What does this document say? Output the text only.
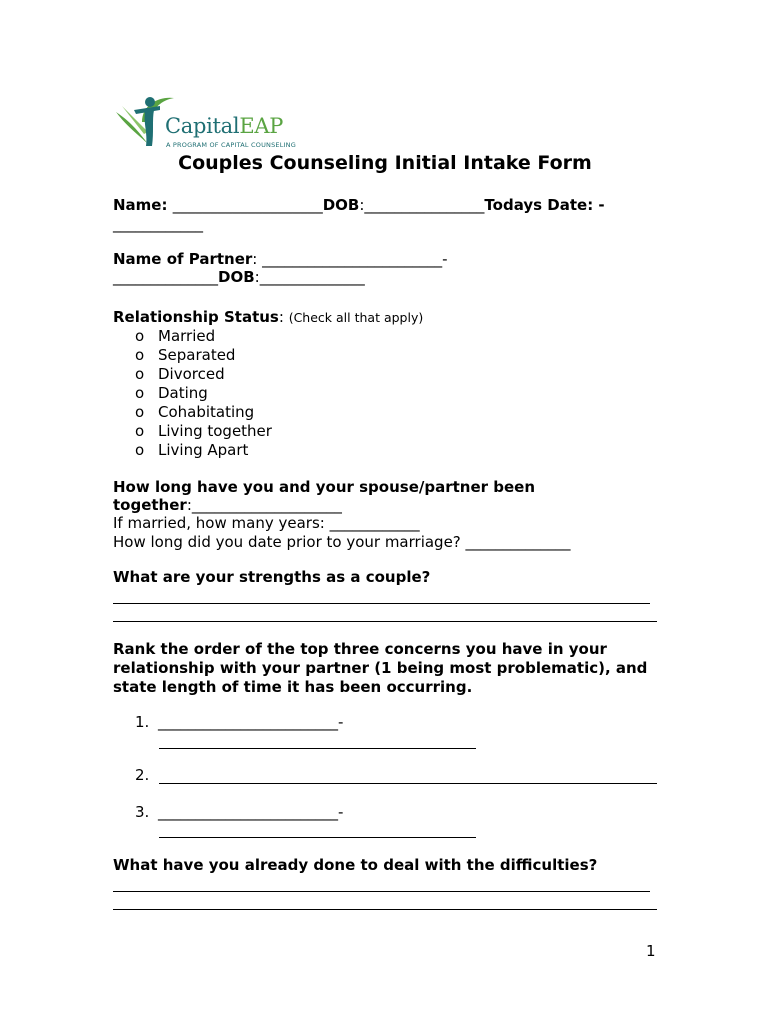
CapitalEAP
A PROGRAM OF CAPITAL COUNSELING
Couples Counseling Initial Intake Form
Name: ____________________DOB:________________Todays Date: -
____________
Name of Partner: ________________________-
______________DOB:______________
Relationship Status: (Check all that apply)
o Married
o Separated
o Divorced
o Dating
o Cohabitating
o Living together
o Living Apart
How long have you and your spouse/partner been
together:____________________
If married, how many years: ____________
How long did you date prior to your marriage? ______________
What are your strengths as a couple?
Rank the order of the top three concerns you have in your
relationship with your partner (1 being most problematic), and
state length of time it has been occurring.
1. ________________________-
2.
3. ________________________-
What have you already done to deal with the difficulties?
1
